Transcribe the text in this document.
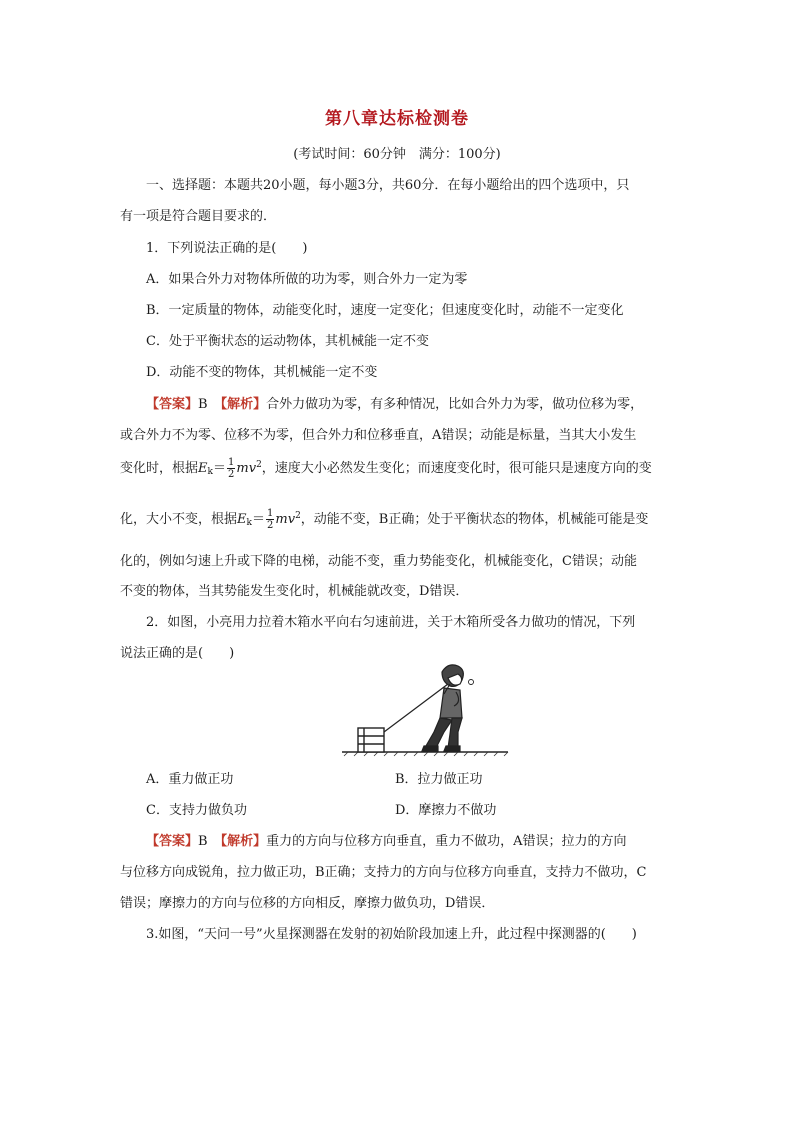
第八章达标检测卷
(考试时间：60分钟　满分：100分)
一、选择题：本题共20小题，每小题3分，共60分．在每小题给出的四个选项中，只
有一项是符合题目要求的．
1．下列说法正确的是(　　)
A．如果合外力对物体所做的功为零，则合外力一定为零
B．一定质量的物体，动能变化时，速度一定变化；但速度变化时，动能不一定变化
C．处于平衡状态的运动物体，其机械能一定不变
D．动能不变的物体，其机械能一定不变
【答案】B　 【解析】合外力做功为零，有多种情况，比如合外力为零，做功位移为零，
或合外力不为零、位移不为零，但合外力和位移垂直，A错误；动能是标量，当其大小发生
变化时，根据$E_k= \frac{1}{2} mv^2$，速度大小必然发生变化；而速度变化时，很可能只是速度方向的变
化，大小不变，根据$E_k= \frac{1}{2} mv^2$，动能不变，B正确；处于平衡状态的物体，机械能可能是变
化的，例如匀速上升或下降的电梯，动能不变，重力势能变化，机械能变化，C错误；动能
不变的物体，当其势能发生变化时，机械能就改变，D错误．
2．如图，小亮用力拉着木箱水平向右匀速前进，关于木箱所受各力做功的情况，下列
说法正确的是(　　)
A．重力做正功	B．拉力做正功
C．支持力做负功	D．摩擦力不做功
【答案】B　 【解析】重力的方向与位移方向垂直，重力不做功，A错误；拉力的方向
与位移方向成锐角，拉力做正功，B正确；支持力的方向与位移方向垂直，支持力不做功，C
错误；摩擦力的方向与位移的方向相反，摩擦力做负功，D错误．
3.如图，“天问一号”火星探测器在发射的初始阶段加速上升，此过程中探测器的(　　)
